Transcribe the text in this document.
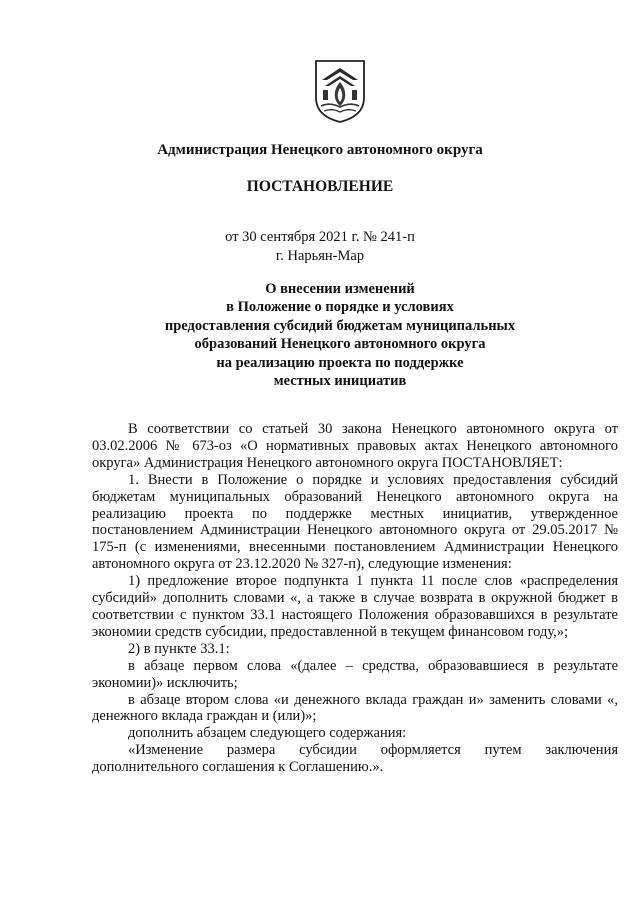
Администрация Ненецкого автономного округа
ПОСТАНОВЛЕНИЕ
от 30 сентября 2021 г. № 241-п
г. Нарьян-Мар
О внесении изменений
в Положение о порядке и условиях
предоставления субсидий бюджетам муниципальных
образований Ненецкого автономного округа
на реализацию проекта по поддержке
местных инициатив

В соответствии со статьей 30 закона Ненецкого автономного округа от 03.02.2006 № 673-оз «О нормативных правовых актах Ненецкого автономного округа» Администрация Ненецкого автономного округа ПОСТАНОВЛЯЕТ:

1. Внести в Положение о порядке и условиях предоставления субсидий бюджетам муниципальных образований Ненецкого автономного округа на реализацию проекта по поддержке местных инициатив, утвержденное постановлением Администрации Ненецкого автономного округа от 29.05.2017 № 175-п (с изменениями, внесенными постановлением Администрации Ненецкого автономного округа от 23.12.2020 № 327-п), следующие изменения:

1) предложение второе подпункта 1 пункта 11 после слов «распределения субсидий» дополнить словами «, а также в случае возврата в окружной бюджет в соответствии с пунктом 33.1 настоящего Положения образовавшихся в результате экономии средств субсидии, предоставленной в текущем финансовом году,»;

2) в пункте 33.1:

в абзаце первом слова «(далее – средства, образовавшиеся в результате экономии)» исключить;

в абзаце втором слова «и денежного вклада граждан и» заменить словами «, денежного вклада граждан и (или)»;

дополнить абзацем следующего содержания:

«Изменение размера субсидии оформляется путем заключения дополнительного соглашения к Соглашению.».
